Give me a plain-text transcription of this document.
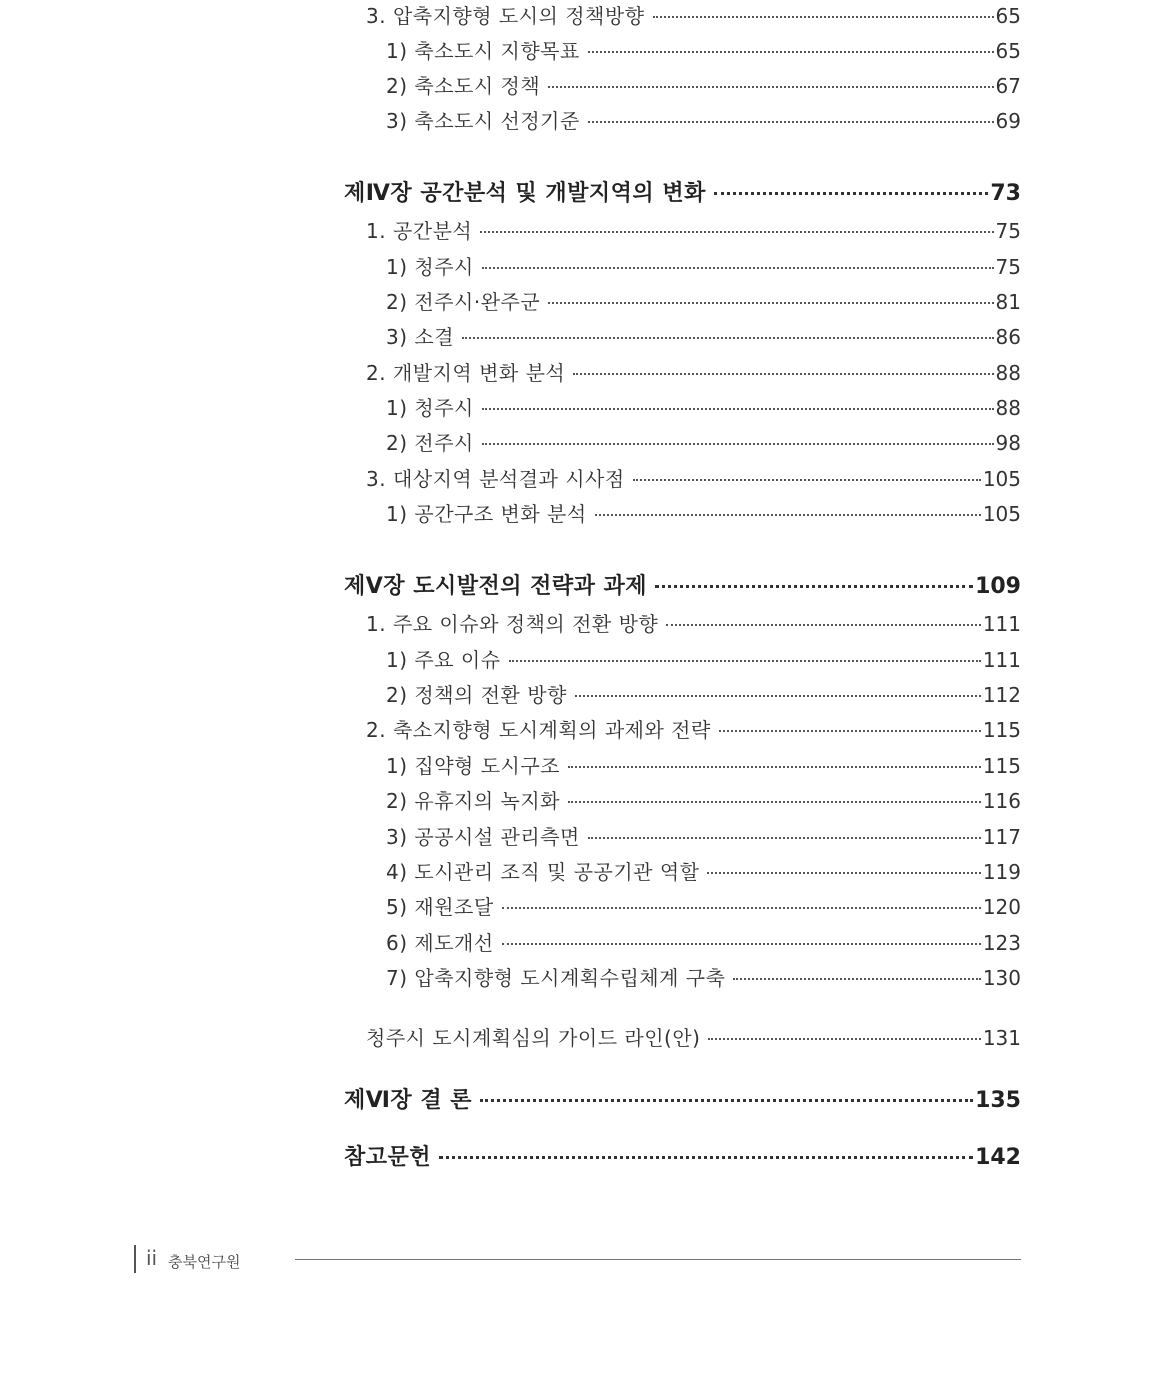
3. 압축지향형 도시의 정책방향	65
1) 축소도시 지향목표	65
2) 축소도시 정책	67
3) 축소도시 선정기준	69
제Ⅳ장 공간분석 및 개발지역의 변화	73
1. 공간분석	75
1) 청주시	75
2) 전주시·완주군	81
3) 소결	86
2. 개발지역 변화 분석	88
1) 청주시	88
2) 전주시	98
3. 대상지역 분석결과 시사점	105
1) 공간구조 변화 분석	105
제Ⅴ장 도시발전의 전략과 과제	109
1. 주요 이슈와 정책의 전환 방향	111
1) 주요 이슈	111
2) 정책의 전환 방향	112
2. 축소지향형 도시계획의 과제와 전략	115
1) 집약형 도시구조	115
2) 유휴지의 녹지화	116
3) 공공시설 관리측면	117
4) 도시관리 조직 및 공공기관 역할	119
5) 재원조달	120
6) 제도개선	123
7) 압축지향형 도시계획수립체계 구축	130
청주시 도시계획심의 가이드 라인(안)	131
제Ⅵ장 결 론	135
참고문헌	142
ii 충북연구원
